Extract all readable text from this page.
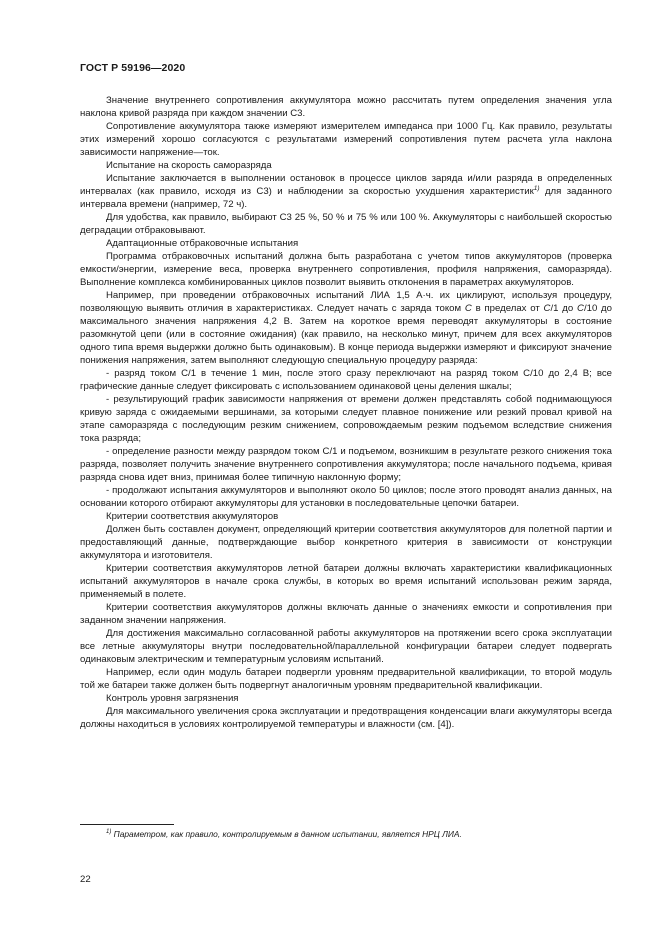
ГОСТ Р 59196—2020

Значение внутреннего сопротивления аккумулятора можно рассчитать путем определения значения угла наклона кривой разряда при каждом значении С3.

Сопротивление аккумулятора также измеряют измерителем импеданса при 1000 Гц. Как правило, результаты этих измерений хорошо согласуются с результатами измерений сопротивления путем расчета угла наклона зависимости напряжение—ток.

Испытание на скорость саморазряда

Испытание заключается в выполнении остановок в процессе циклов заряда и/или разряда в определенных интервалах (как правило, исходя из С3) и наблюдении за скоростью ухудшения характеристик$^{1)}$ для заданного интервала времени (например, 72 ч).

Для удобства, как правило, выбирают С3 25 %, 50 % и 75 % или 100 %. Аккумуляторы с наибольшей скоростью деградации отбраковывают.

Адаптационные отбраковочные испытания

Программа отбраковочных испытаний должна быть разработана с учетом типов аккумуляторов (проверка емкости/энергии, измерение веса, проверка внутреннего сопротивления, профиля напряжения, саморазряда). Выполнение комплекса комбинированных циклов позволит выявить отклонения в параметрах аккумуляторов.

Например, при проведении отбраковочных испытаний ЛИА 1,5 А·ч. их циклируют, используя процедуру, позволяющую выявить отличия в характеристиках. Следует начать с заряда током С в пределах от С/1 до С/10 до максимального значения напряжения 4,2 В. Затем на короткое время переводят аккумуляторы в состояние разомкнутой цепи (или в состояние ожидания) (как правило, на несколько минут, причем для всех аккумуляторов одного типа время выдержки должно быть одинаковым). В конце периода выдержки измеряют и фиксируют значение понижения напряжения, затем выполняют следующую специальную процедуру разряда:

- разряд током С/1 в течение 1 мин, после этого сразу переключают на разряд током С/10 до 2,4 В; все графические данные следует фиксировать с использованием одинаковой цены деления шкалы;

- результирующий график зависимости напряжения от времени должен представлять собой поднимающуюся кривую заряда с ожидаемыми вершинами, за которыми следует плавное понижение или резкий провал кривой на этапе саморазряда с последующим резким снижением, сопровождаемым резким подъемом вследствие снижения тока разряда;

- определение разности между разрядом током С/1 и подъемом, возникшим в результате резкого снижения тока разряда, позволяет получить значение внутреннего сопротивления аккумулятора; после начального подъема, кривая разряда снова идет вниз, принимая более типичную наклонную форму;

- продолжают испытания аккумуляторов и выполняют около 50 циклов; после этого проводят анализ данных, на основании которого отбирают аккумуляторы для установки в последовательные цепочки батареи.

Критерии соответствия аккумуляторов

Должен быть составлен документ, определяющий критерии соответствия аккумуляторов для полетной партии и предоставляющий данные, подтверждающие выбор конкретного критерия в зависимости от конструкции аккумулятора и изготовителя.

Критерии соответствия аккумуляторов летной батареи должны включать характеристики квалификационных испытаний аккумуляторов в начале срока службы, в которых во время испытаний использован режим заряда, применяемый в полете.

Критерии соответствия аккумуляторов должны включать данные о значениях емкости и сопротивления при заданном значении напряжения.

Для достижения максимально согласованной работы аккумуляторов на протяжении всего срока эксплуатации все летные аккумуляторы внутри последовательной/параллельной конфигурации батареи следует подвергать одинаковым электрическим и температурным условиям испытаний.

Например, если один модуль батареи подвергли уровням предварительной квалификации, то второй модуль той же батареи также должен быть подвергнут аналогичным уровням предварительной квалификации.

Контроль уровня загрязнения

Для максимального увеличения срока эксплуатации и предотвращения конденсации влаги аккумуляторы всегда должны находиться в условиях контролируемой температуры и влажности (см. [4]).

$^{1)}$ Параметром, как правило, контролируемым в данном испытании, является НРЦ ЛИА.
22
